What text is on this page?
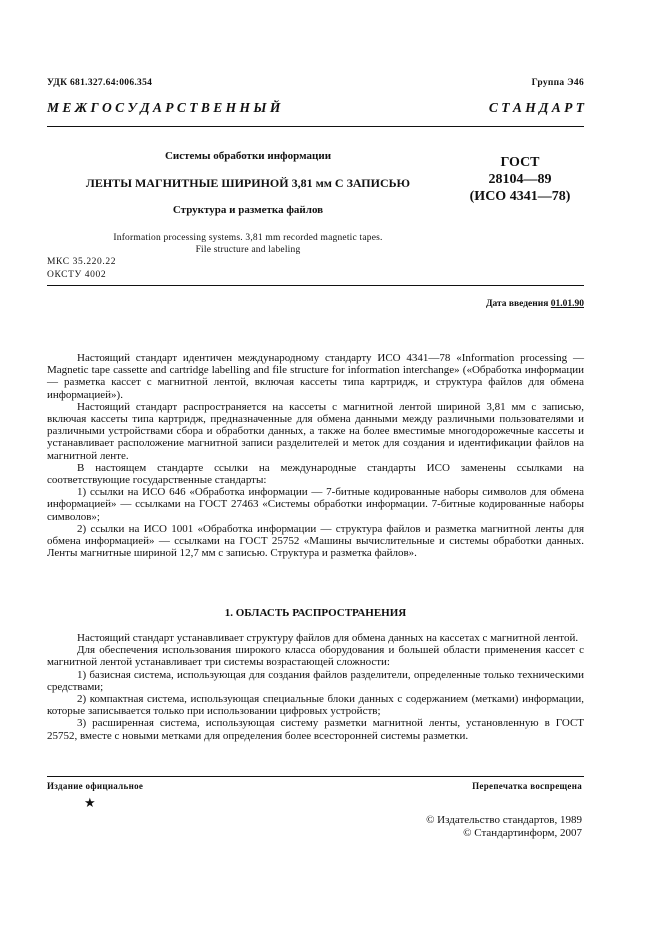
УДК 681.327.64:006.354	Группа Э46
М Е Ж Г О С У Д А Р С Т В Е Н Н Ы Й	С Т А Н Д А Р Т
Системы обработки информации
ЛЕНТЫ МАГНИТНЫЕ ШИРИНОЙ 3,81 мм С ЗАПИСЬЮ
Структура и разметка файлов
Information processing systems. 3,81 mm recorded magnetic tapes.
File structure and labeling
ГОСТ
28104—89
(ИСО 4341—78)
МКС 35.220.22
ОКСТУ 4002
Дата введения 01.01.90

Настоящий стандарт идентичен международному стандарту ИСО 4341—78 «Information processing — Magnetic tape cassette and cartridge labelling and file structure for information interchange» («Обработка информации — разметка кассет с магнитной лентой, включая кассеты типа картридж, и структура файлов для обмена информацией»).

Настоящий стандарт распространяется на кассеты с магнитной лентой шириной 3,81 мм с записью, включая кассеты типа картридж, предназначенные для обмена данными между различными пользователями и различными устройствами сбора и обработки данных, а также на более вместимые многодорожечные кассеты и устанавливает расположение магнитной записи разделителей и меток для создания и идентификации файлов на магнитной ленте.

В настоящем стандарте ссылки на международные стандарты ИСО заменены ссылками на соответствующие государственные стандарты:

1) ссылки на ИСО 646 «Обработка информации — 7-битные кодированные наборы символов для обмена информацией» — ссылками на ГОСТ 27463 «Системы обработки информации. 7-битные кодированные наборы символов»;

2) ссылки на ИСО 1001 «Обработка информации — структура файлов и разметка магнитной ленты для обмена информацией» — ссылками на ГОСТ 25752 «Машины вычислительные и системы обработки данных. Ленты магнитные шириной 12,7 мм с записью. Структура и разметка файлов».

1. ОБЛАСТЬ РАСПРОСТРАНЕНИЯ

Настоящий стандарт устанавливает структуру файлов для обмена данных на кассетах с магнитной лентой.

Для обеспечения использования широкого класса оборудования и большей области применения кассет с магнитной лентой устанавливает три системы возрастающей сложности:

1) базисная система, использующая для создания файлов разделители, определенные только техническими средствами;

2) компактная система, использующая специальные блоки данных с содержанием (метками) информации, которые записывается только при использовании цифровых устройств;

3) расширенная система, использующая систему разметки магнитной ленты, установленную в ГОСТ 25752, вместе с новыми метками для определения более всесторонней системы разметки.

Издание официальное	Перепечатка воспрещена
★
© Издательство стандартов, 1989
© Стандартинформ, 2007
